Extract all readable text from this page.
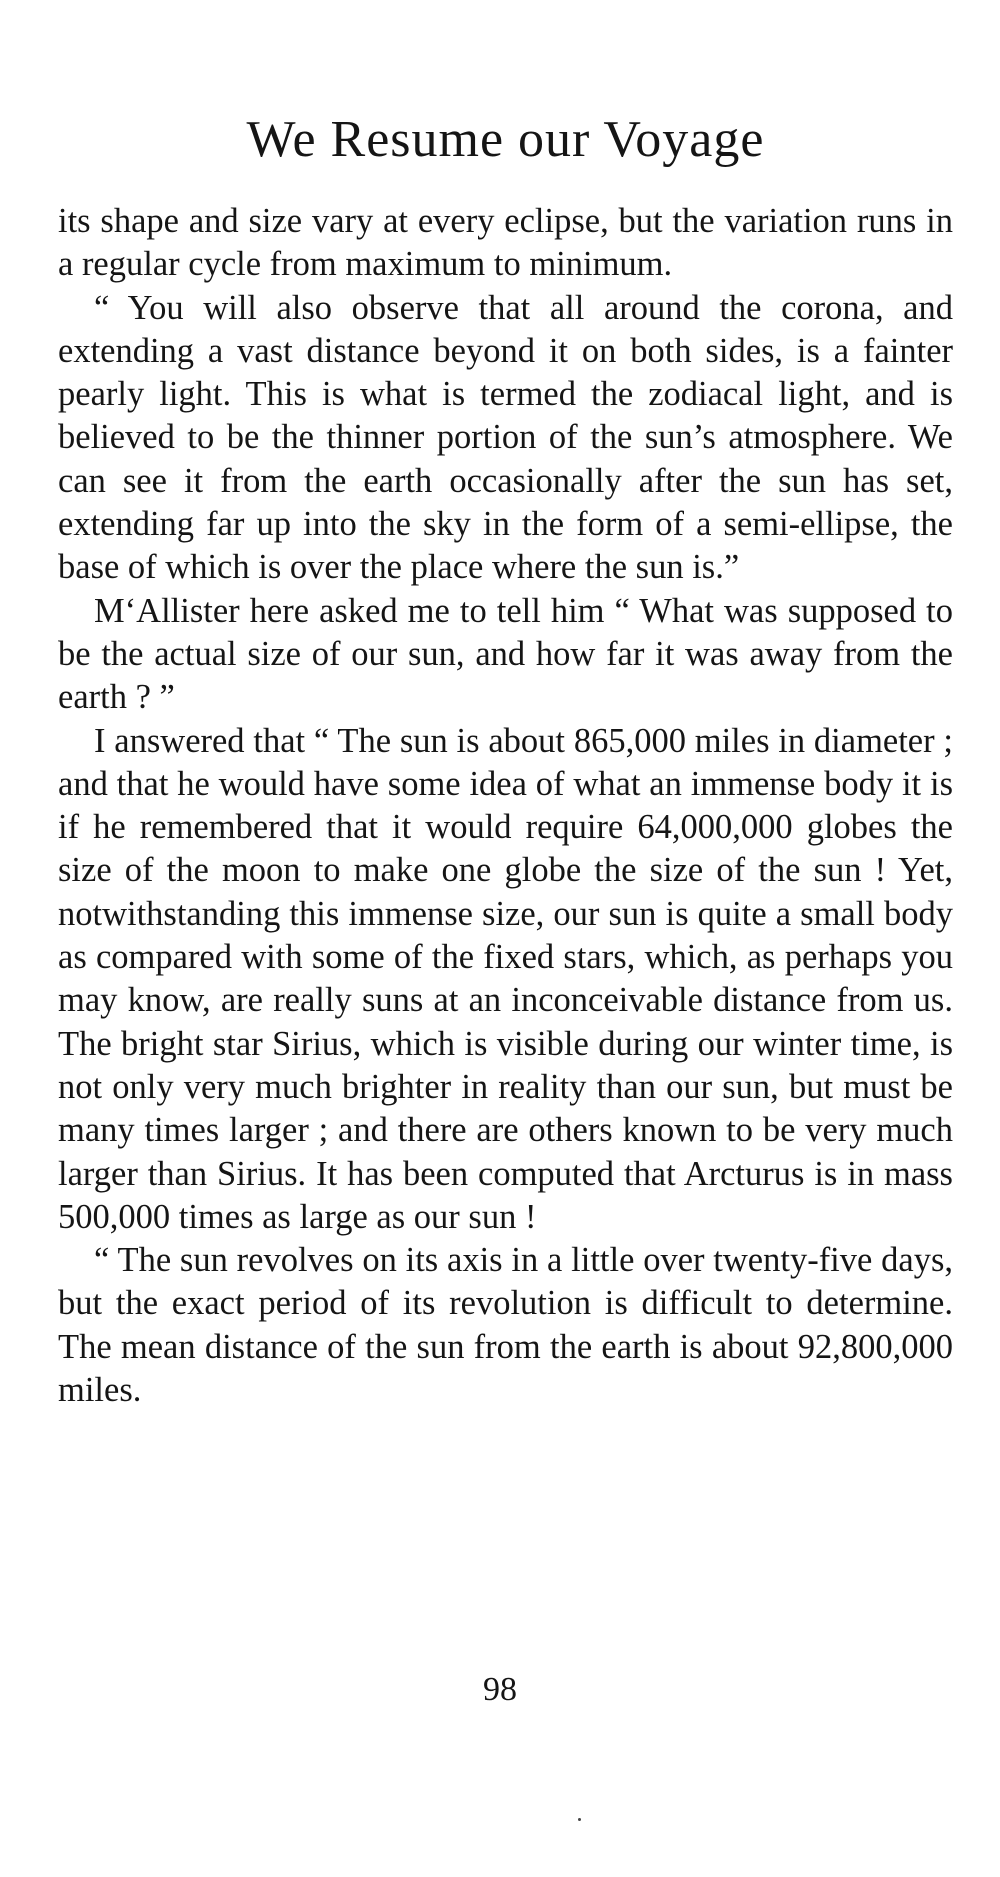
We Resume our Voyage

its shape and size vary at every eclipse, but the variation runs in a regular cycle from maximum to minimum.

“ You will also observe that all around the corona, and extending a vast distance beyond it on both sides, is a fainter pearly light. This is what is termed the zodiacal light, and is believed to be the thinner portion of the sun’s atmosphere. We can see it from the earth occasionally after the sun has set, extending far up into the sky in the form of a semi-ellipse, the base of which is over the place where the sun is.”

M‘Allister here asked me to tell him “ What was supposed to be the actual size of our sun, and how far it was away from the earth ? ”

I answered that “ The sun is about 865,000 miles in diameter ; and that he would have some idea of what an immense body it is if he remembered that it would require 64,000,000 globes the size of the moon to make one globe the size of the sun ! Yet, notwithstanding this immense size, our sun is quite a small body as compared with some of the fixed stars, which, as perhaps you may know, are really suns at an inconceivable distance from us. The bright star Sirius, which is visible during our winter time, is not only very much brighter in reality than our sun, but must be many times larger ; and there are others known to be very much larger than Sirius. It has been computed that Arcturus is in mass 500,000 times as large as our sun !

“ The sun revolves on its axis in a little over twenty-five days, but the exact period of its revolution is difficult to determine. The mean distance of the sun from the earth is about 92,800,000 miles.

98
